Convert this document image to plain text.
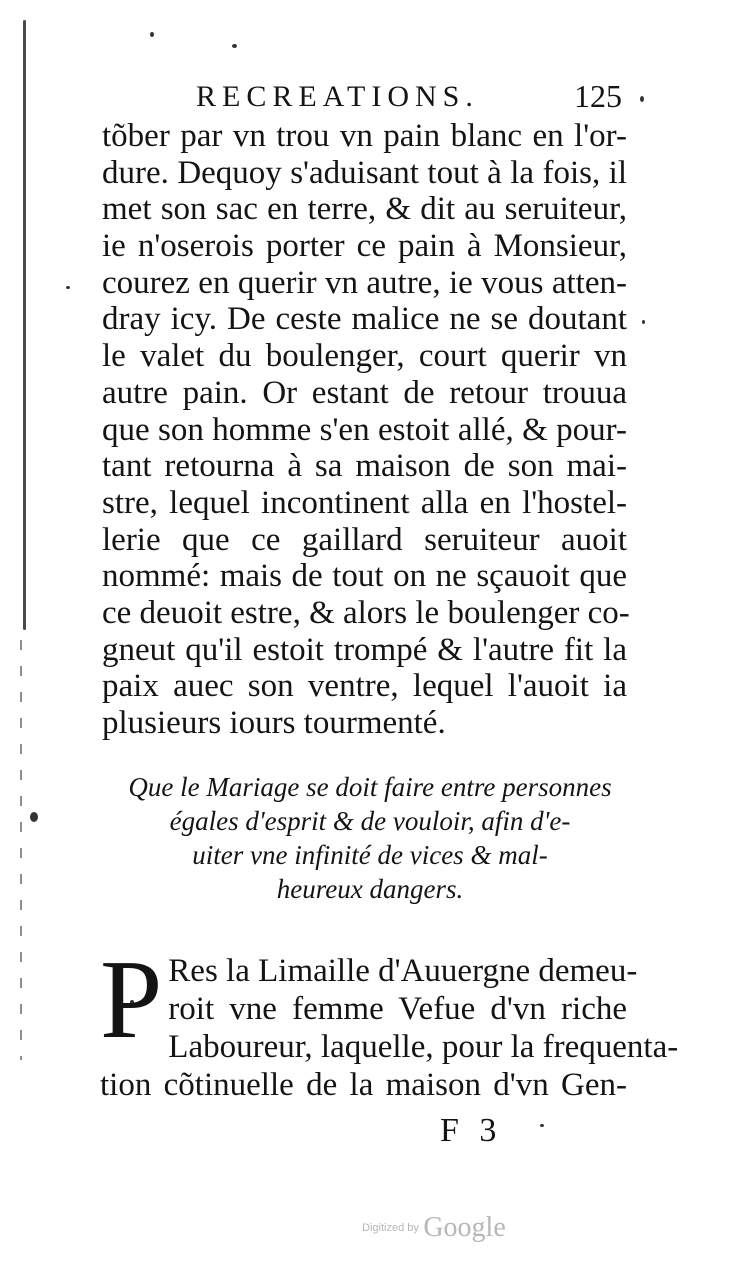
RECREATIONS.	125
tõber par vn trou vn pain blanc en l'or-
dure. Dequoy s'aduisant tout à la fois, il
met son sac en terre, & dit au seruiteur,
ie n'oserois porter ce pain à Monsieur,
courez en querir vn autre, ie vous atten-
dray icy. De ceste malice ne se doutant
le valet du boulenger, court querir vn
autre pain. Or estant de retour trouua
que son homme s'en estoit allé, & pour-
tant retourna à sa maison de son mai-
stre, lequel incontinent alla en l'hostel-
lerie que ce gaillard seruiteur auoit
nommé: mais de tout on ne sçauoit que
ce deuoit estre, & alors le boulenger co-
gneut qu'il estoit trompé & l'autre fit la
paix auec son ventre, lequel l'auoit ia
plusieurs iours tourmenté.
Que le Mariage se doit faire entre personnes
égales d'esprit & de vouloir, afin d'e-
uiter vne infinité de vices & mal-
heureux dangers.
P Res la Limaille d'Auuergne demeu-
roit vne femme Vefue d'vn riche
Laboureur, laquelle, pour la frequenta-
tion cõtinuelle de la maison d'vn Gen-
F 3
Digitized by Google
